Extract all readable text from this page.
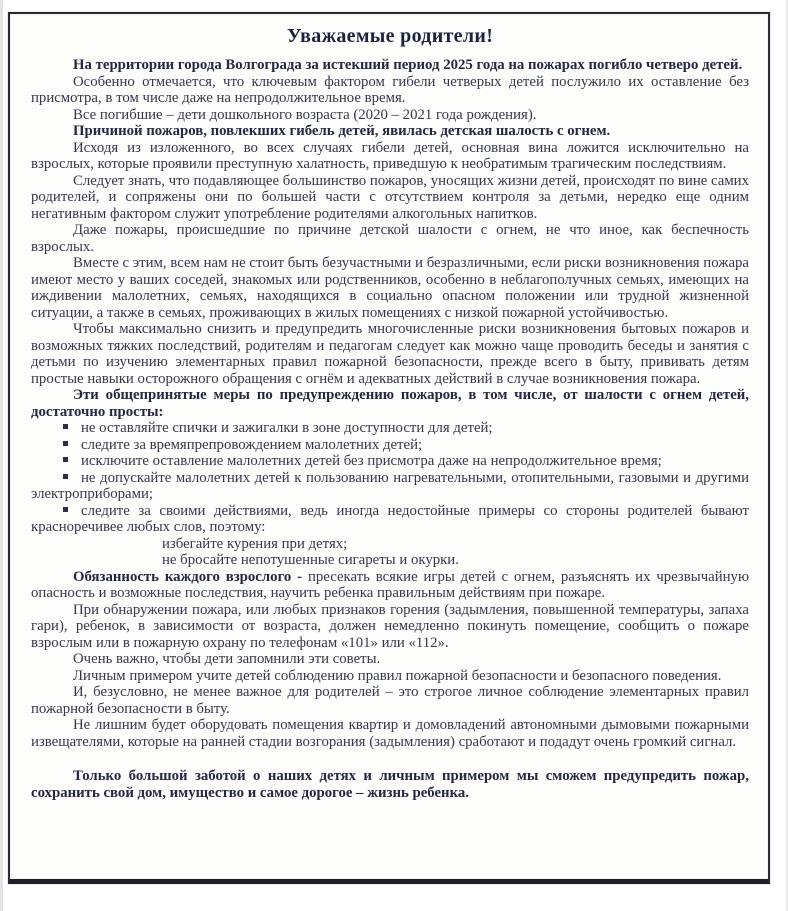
Уважаемые родители!

На территории города Волгограда за истекший период 2025 года на пожарах погибло четверо детей.

Особенно отмечается, что ключевым фактором гибели четверых детей послужило их оставление без присмотра, в том числе даже на непродолжительное время.

Все погибшие – дети дошкольного возраста (2020 – 2021 года рождения).

Причиной пожаров, повлекших гибель детей, явилась детская шалость с огнем.

Исходя из изложенного, во всех случаях гибели детей, основная вина ложится исключительно на взрослых, которые проявили преступную халатность, приведшую к необратимым трагическим последствиям.

Следует знать, что подавляющее большинство пожаров, уносящих жизни детей, происходят по вине самих родителей, и сопряжены они по большей части с отсутствием контроля за детьми, нередко еще одним негативным фактором служит употребление родителями алкогольных напитков.

Даже пожары, происшедшие по причине детской шалости с огнем, не что иное, как беспечность взрослых.

Вместе с этим, всем нам не стоит быть безучастными и безразличными, если риски возникновения пожара имеют место у ваших соседей, знакомых или родственников, особенно в неблагополучных семьях, имеющих на иждивении малолетних, семьях, находящихся в социально опасном положении или трудной жизненной ситуации, а также в семьях, проживающих в жилых помещениях с низкой пожарной устойчивостью.

Чтобы максимально снизить и предупредить многочисленные риски возникновения бытовых пожаров и возможных тяжких последствий, родителям и педагогам следует как можно чаще проводить беседы и занятия с детьми по изучению элементарных правил пожарной безопасности, прежде всего в быту, прививать детям простые навыки осторожного обращения с огнём и адекватных действий в случае возникновения пожара.

Эти общепринятые меры по предупреждению пожаров, в том числе, от шалости с огнем детей, достаточно просты:

не оставляйте спички и зажигалки в зоне доступности для детей;

следите за времяпрепровождением малолетних детей;

исключите оставление малолетних детей без присмотра даже на непродолжительное время;

не допускайте малолетних детей к пользованию нагревательными, отопительными, газовыми и другими электроприборами;

следите за своими действиями, ведь иногда недостойные примеры со стороны родителей бывают красноречивее любых слов, поэтому:

избегайте курения при детях;

не бросайте непотушенные сигареты и окурки.

Обязанность каждого взрослого - пресекать всякие игры детей с огнем, разъяснять их чрезвычайную опасность и возможные последствия, научить ребенка правильным действиям при пожаре.

При обнаружении пожара, или любых признаков горения (задымления, повышенной температуры, запаха гари), ребенок, в зависимости от возраста, должен немедленно покинуть помещение, сообщить о пожаре взрослым или в пожарную охрану по телефонам «101» или «112».

Очень важно, чтобы дети запомнили эти советы.

Личным примером учите детей соблюдению правил пожарной безопасности и безопасного поведения.

И, безусловно, не менее важное для родителей – это строгое личное соблюдение элементарных правил пожарной безопасности в быту.

Не лишним будет оборудовать помещения квартир и домовладений автономными дымовыми пожарными извещателями, которые на ранней стадии возгорания (задымления) сработают и подадут очень громкий сигнал.

Только большой заботой о наших детях и личным примером мы сможем предупредить пожар, сохранить свой дом, имущество и самое дорогое – жизнь ребенка.
